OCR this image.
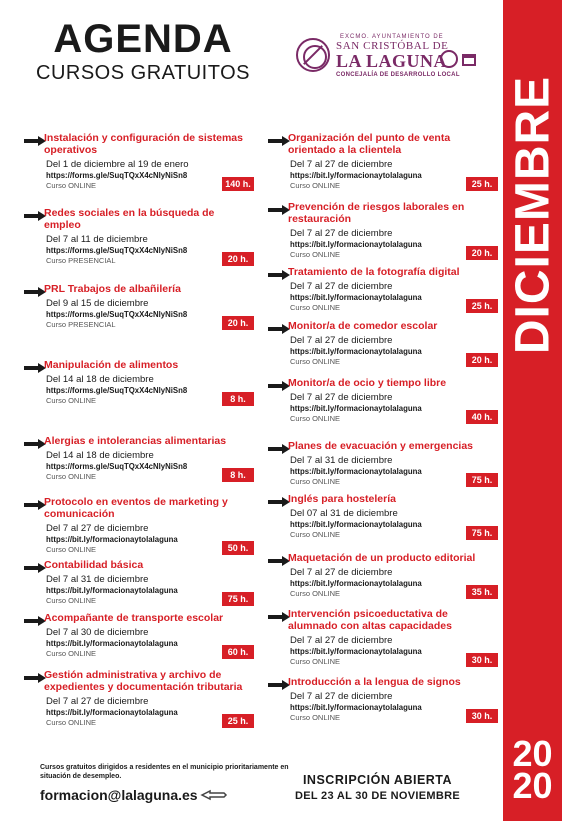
AGENDA
CURSOS GRATUITOS
EXCMO. AYUNTAMIENTO DE
SAN CRISTÓBAL DE
LA LAGUNA
CONCEJALÍA DE DESARROLLO LOCAL
DICIEMBRE
20
20
Instalación y configuración de sistemas operativos
Del 1 de diciembre al 19 de enero
https://forms.gle/SuqTQxX4cNlyNiSn8
Curso ONLINE	140 h.
Redes sociales en la búsqueda de empleo
Del 7 al 11 de diciembre
https://forms.gle/SuqTQxX4cNlyNiSn8
Curso PRESENCIAL	20 h.
PRL Trabajos de albañilería
Del 9 al 15 de diciembre
https://forms.gle/SuqTQxX4cNlyNiSn8
Curso PRESENCIAL	20 h.
Manipulación de alimentos
Del 14 al 18 de diciembre
https://forms.gle/SuqTQxX4cNlyNiSn8
Curso ONLINE	8 h.
Alergias e intolerancias alimentarias
Del 14 al 18 de diciembre
https://forms.gle/SuqTQxX4cNlyNiSn8
Curso ONLINE	8 h.
Protocolo en eventos de marketing y comunicación
Del 7 al 27 de diciembre
https://bit.ly/formacionaytolalaguna
Curso ONLINE	50 h.
Contabilidad básica
Del 7 al 31 de diciembre
https://bit.ly/formacionaytolalaguna
Curso ONLINE	75 h.
Acompañante de transporte escolar
Del 7 al 30 de diciembre
https://bit.ly/formacionaytolalaguna
Curso ONLINE	60 h.
Gestión administrativa y archivo de expedientes y documentación tributaria
Del 7 al 27 de diciembre
https://bit.ly/formacionaytolalaguna
Curso ONLINE	25 h.
Organización del punto de venta orientado a la clientela
Del 7 al 27 de diciembre
https://bit.ly/formacionaytolalaguna
Curso ONLINE	25 h.
Prevención de riesgos laborales en restauración
Del 7 al 27 de diciembre
https://bit.ly/formacionaytolalaguna
Curso ONLINE	20 h.
Tratamiento de la fotografía digital
Del 7 al 27 de diciembre
https://bit.ly/formacionaytolalaguna
Curso ONLINE	25 h.
Monitor/a de comedor escolar
Del 7 al 27 de diciembre
https://bit.ly/formacionaytolalaguna
Curso ONLINE	20 h.
Monitor/a de ocio y tiempo libre
Del 7 al 27 de diciembre
https://bit.ly/formacionaytolalaguna
Curso ONLINE	40 h.
Planes de evacuación y emergencias
Del 7 al 31 de diciembre
https://bit.ly/formacionaytolalaguna
Curso ONLINE	75 h.
Inglés para hostelería
Del 07 al 31 de diciembre
https://bit.ly/formacionaytolalaguna
Curso ONLINE	75 h.
Maquetación de un producto editorial
Del 7 al 27 de diciembre
https://bit.ly/formacionaytolalaguna
Curso ONLINE	35 h.
Intervención psicoeductativa de alumnado con altas capacidades
Del 7 al 27 de diciembre
https://bit.ly/formacionaytolalaguna
Curso ONLINE	30 h.
Introducción a la lengua de signos
Del 7 al 27 de diciembre
https://bit.ly/formacionaytolalaguna
Curso ONLINE	30 h.
Cursos gratuitos dirigidos a residentes en el municipio prioritariamente en situación de desempleo.
formacion@lalaguna.es
INSCRIPCIÓN ABIERTA
DEL 23 AL 30 DE NOVIEMBRE
